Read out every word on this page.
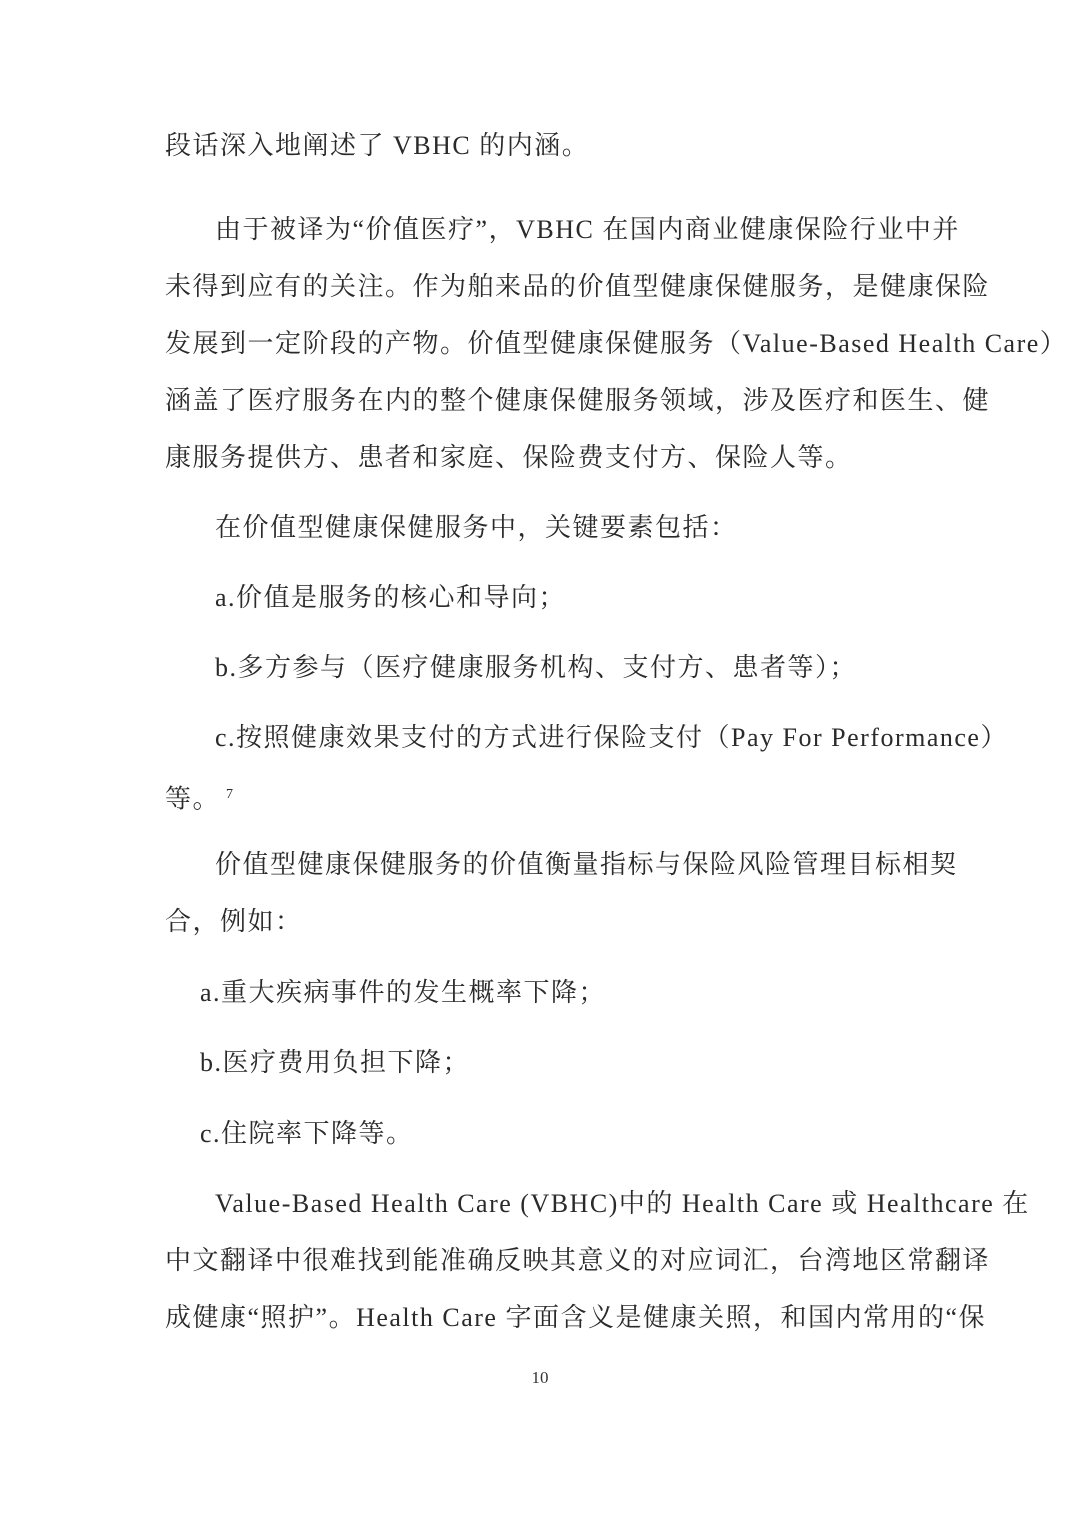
段话深入地阐述了 VBHC 的内涵。
由于被译为“价值医疗”，VBHC 在国内商业健康保险行业中并
未得到应有的关注。作为舶来品的价值型健康保健服务，是健康保险
发展到一定阶段的产物。价值型健康保健服务（Value-Based Health Care）
涵盖了医疗服务在内的整个健康保健服务领域，涉及医疗和医生、健
康服务提供方、患者和家庭、保险费支付方、保险人等。
在价值型健康保健服务中，关键要素包括：
a.价值是服务的核心和导向；
b.多方参与（医疗健康服务机构、支付方、患者等）；
c.按照健康效果支付的方式进行保险支付（Pay For Performance）
等。 $^7$
价值型健康保健服务的价值衡量指标与保险风险管理目标相契
合，例如：
a.重大疾病事件的发生概率下降；
b.医疗费用负担下降；
c.住院率下降等。
Value-Based Health Care (VBHC)中的 Health Care 或 Healthcare 在
中文翻译中很难找到能准确反映其意义的对应词汇，台湾地区常翻译
成健康“照护”。Health Care 字面含义是健康关照，和国内常用的“保
10
